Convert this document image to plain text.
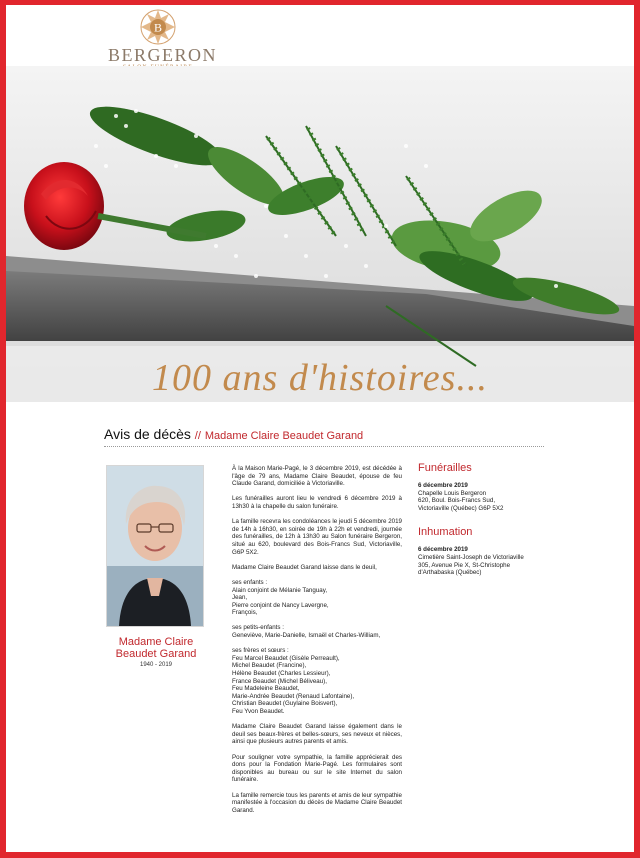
B
BERGERON
100 ans d'histoires...
Avis de décès // Madame Claire Beaudet Garand
Madame Claire
Beaudet Garand
1940 - 2019

À la Maison Marie-Pagé, le 3 décembre 2019, est décédée à l'âge de 79 ans, Madame Claire Beaudet, épouse de feu Claude Garand, domiciliée à Victoriaville.

Les funérailles auront lieu le vendredi 6 décembre 2019 à 13h30 à la chapelle du salon funéraire.

La famille recevra les condoléances le jeudi 5 décembre 2019 de 14h à 16h30, en soirée de 19h à 22h et vendredi, journée des funérailles, de 12h à 13h30 au Salon funéraire Bergeron, situé au 620, boulevard des Bois-Francs Sud, Victoriaville, G6P 5X2.

Madame Claire Beaudet Garand laisse dans le deuil,

ses enfants :
Alain conjoint de Mélanie Tanguay,
Jean,
Pierre conjoint de Nancy Lavergne,
François,

ses petits-enfants :
Geneviève, Marie-Danielle, Ismaël et Charles-William,

ses frères et sœurs :
Feu Marcel Beaudet (Gisèle Perreault),
Michel Beaudet (Francine),
Hélène Beaudet (Charles Lessieur),
France Beaudet (Michel Béliveau),
Feu Madeleine Beaudet,
Marie-Andrée Beaudet (Renaud Lafontaine),
Christian Beaudet (Guylaine Boisvert),
Feu Yvon Beaudet.

Madame Claire Beaudet Garand laisse également dans le deuil ses beaux-frères et belles-sœurs, ses neveux et nièces, ainsi que plusieurs autres parents et amis.

Pour souligner votre sympathie, la famille apprécierait des dons pour la Fondation Marie-Pagé. Les formulaires sont disponibles au bureau ou sur le site Internet du salon funéraire.

La famille remercie tous les parents et amis de leur sympathie manifestée à l'occasion du décès de Madame Claire Beaudet Garand.

Funérailles
6 décembre 2019
Chapelle Louis Bergeron
620, Boul. Bois-Francs Sud,
Victoriaville (Québec) G6P 5X2
Inhumation
6 décembre 2019
Cimetière Saint-Joseph de Victoriaville
305, Avenue Pie X, St-Christophe
d'Arthabaska (Québec)
